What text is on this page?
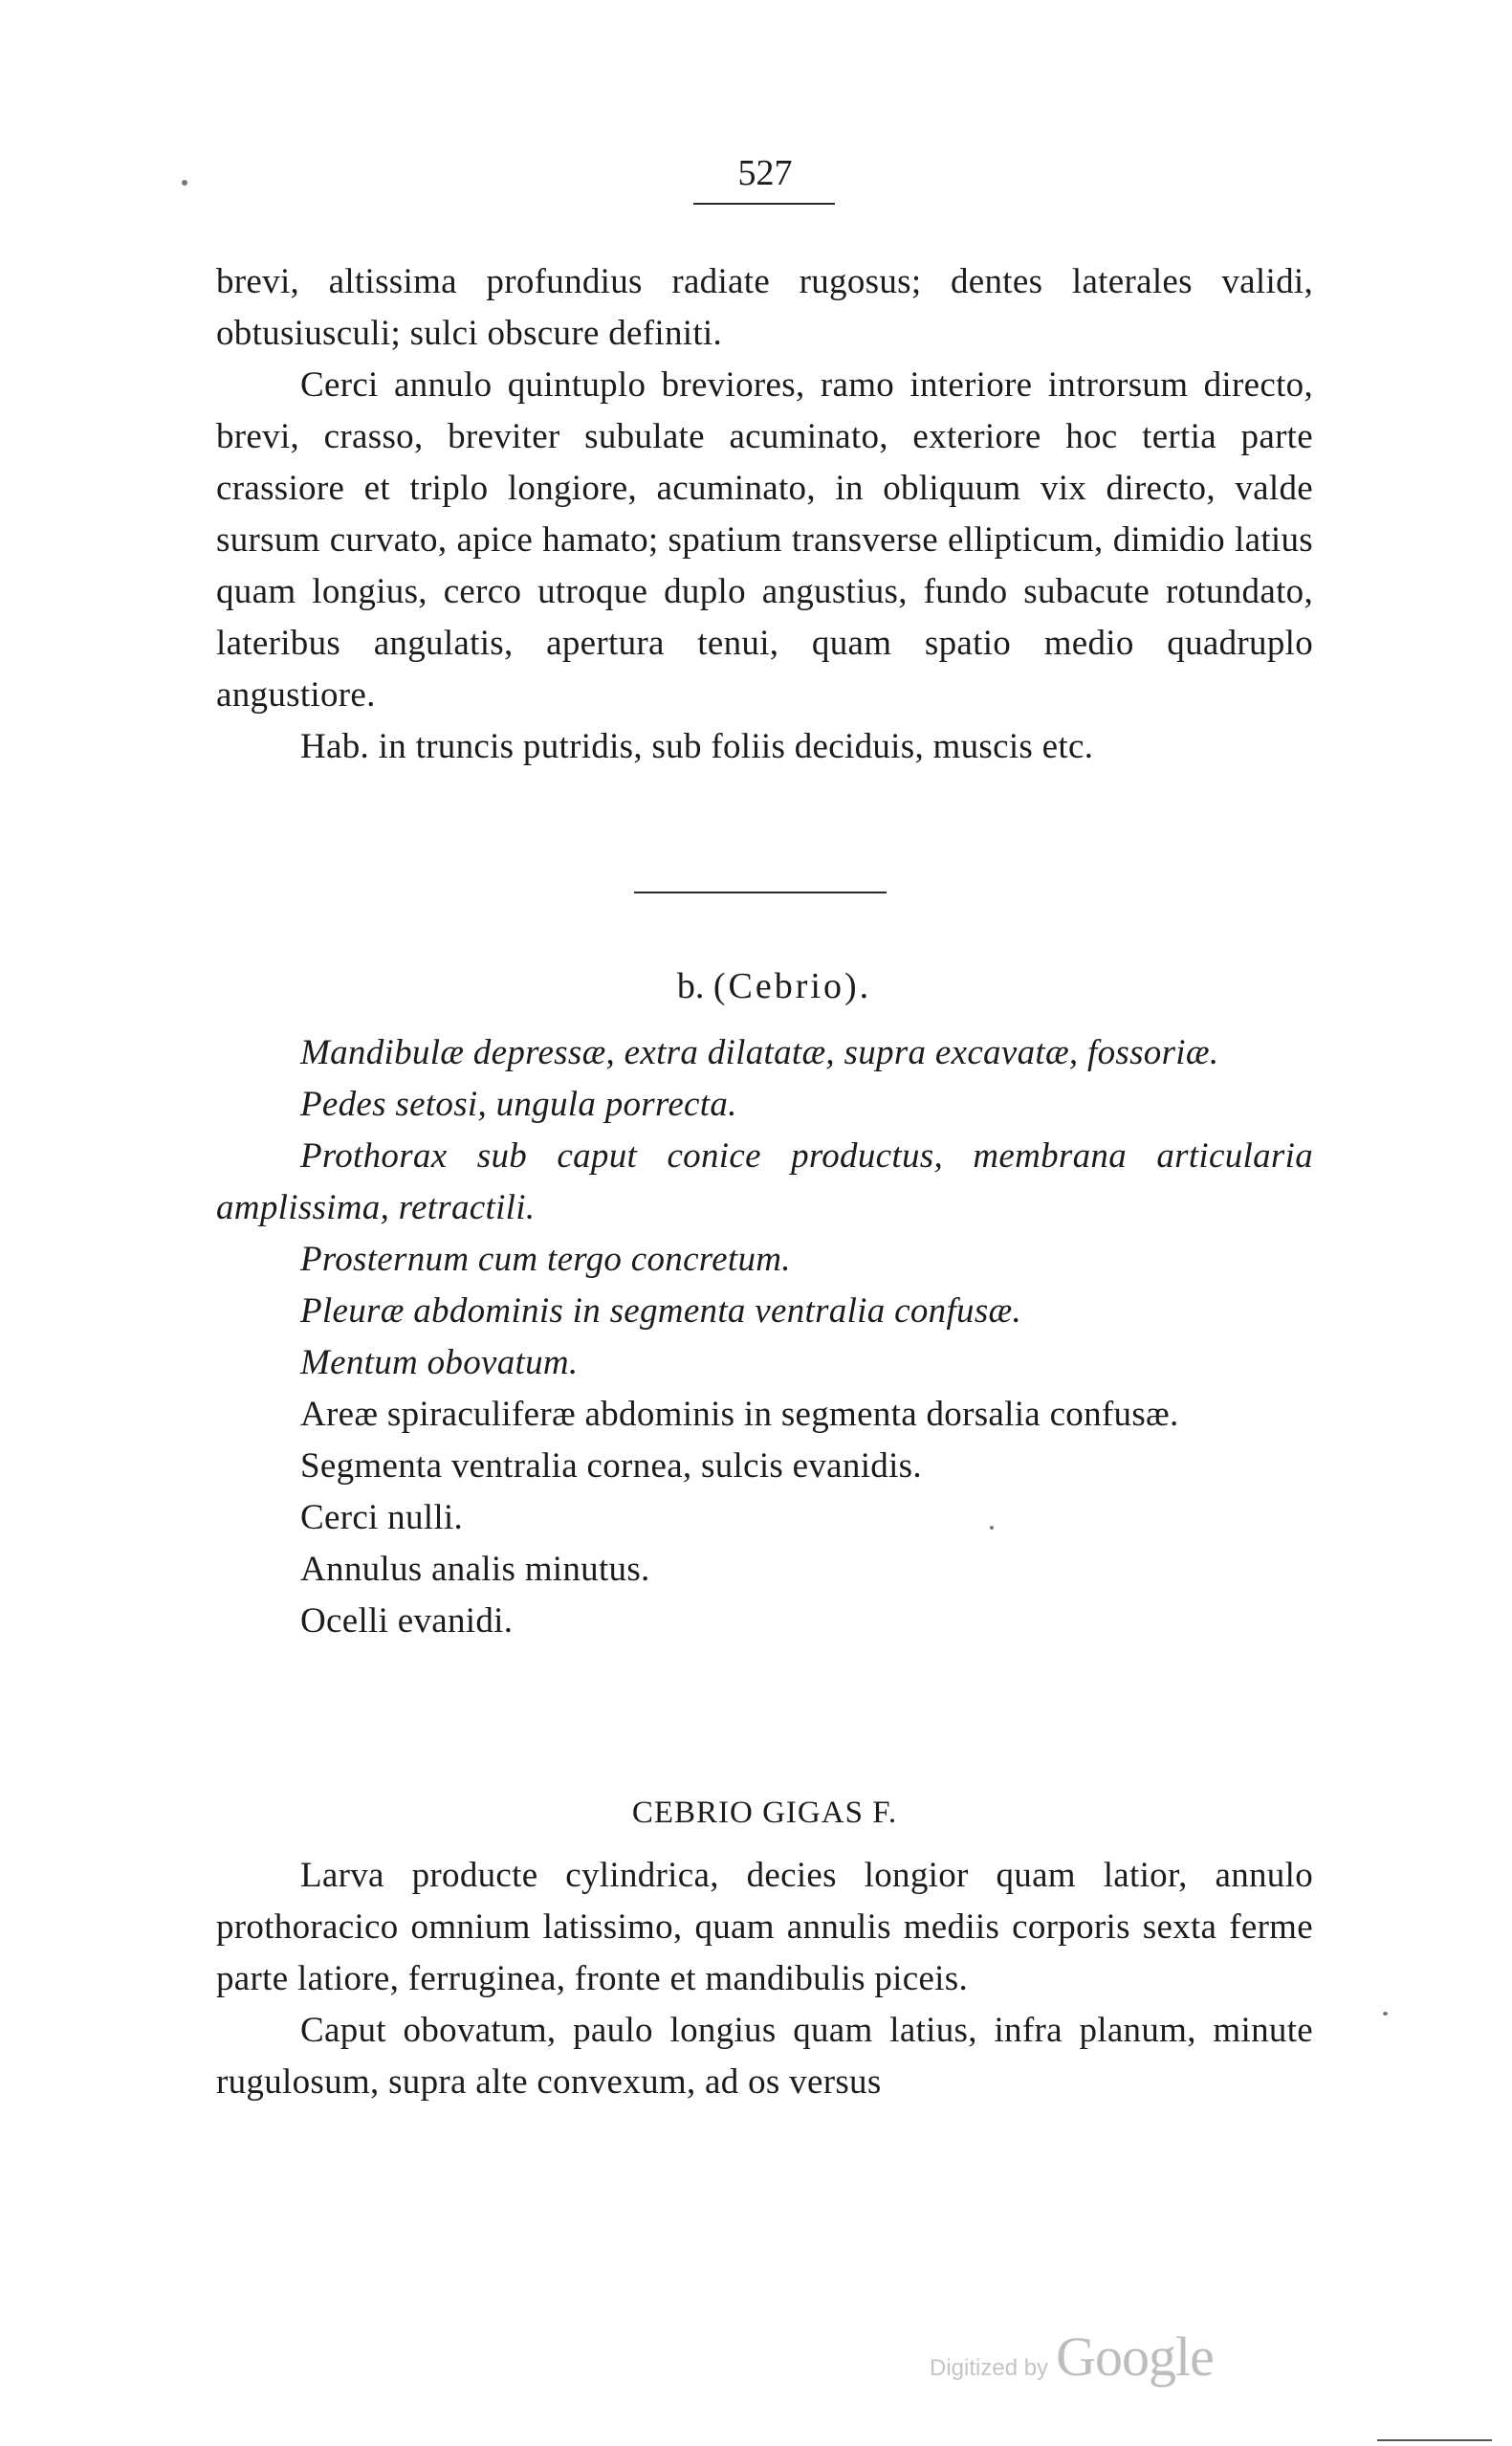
527

brevi, altissima profundius radiate rugosus; dentes laterales validi, obtusiusculi; sulci obscure definiti.

Cerci annulo quintuplo breviores, ramo interiore introrsum directo, brevi, crasso, breviter subulate acuminato, exteriore hoc tertia parte crassiore et triplo longiore, acuminato, in obliquum vix directo, valde sursum curvato, apice hamato; spatium transverse ellipticum, dimidio latius quam longius, cerco utroque duplo angustius, fundo subacute rotundato, lateribus angulatis, apertura tenui, quam spatio medio quadruplo angustiore.

Hab. in truncis putridis, sub foliis deciduis, muscis etc.

b. (Cebrio).

Mandibulæ depressæ, extra dilatatæ, supra excavatæ, fossoriæ.

Pedes setosi, ungula porrecta.

Prothorax sub caput conice productus, membrana articularia amplissima, retractili.

Prosternum cum tergo concretum.

Pleuræ abdominis in segmenta ventralia confusæ.

Mentum obovatum.

Areæ spiraculiferæ abdominis in segmenta dorsalia confusæ.

Segmenta ventralia cornea, sulcis evanidis.

Cerci nulli.

Annulus analis minutus.

Ocelli evanidi.

CEBRIO GIGAS F.

Larva producte cylindrica, decies longior quam latior, annulo prothoracico omnium latissimo, quam annulis mediis corporis sexta ferme parte latiore, ferruginea, fronte et mandibulis piceis.

Caput obovatum, paulo longius quam latius, infra planum, minute rugulosum, supra alte convexum, ad os versus

Digitized by Google
